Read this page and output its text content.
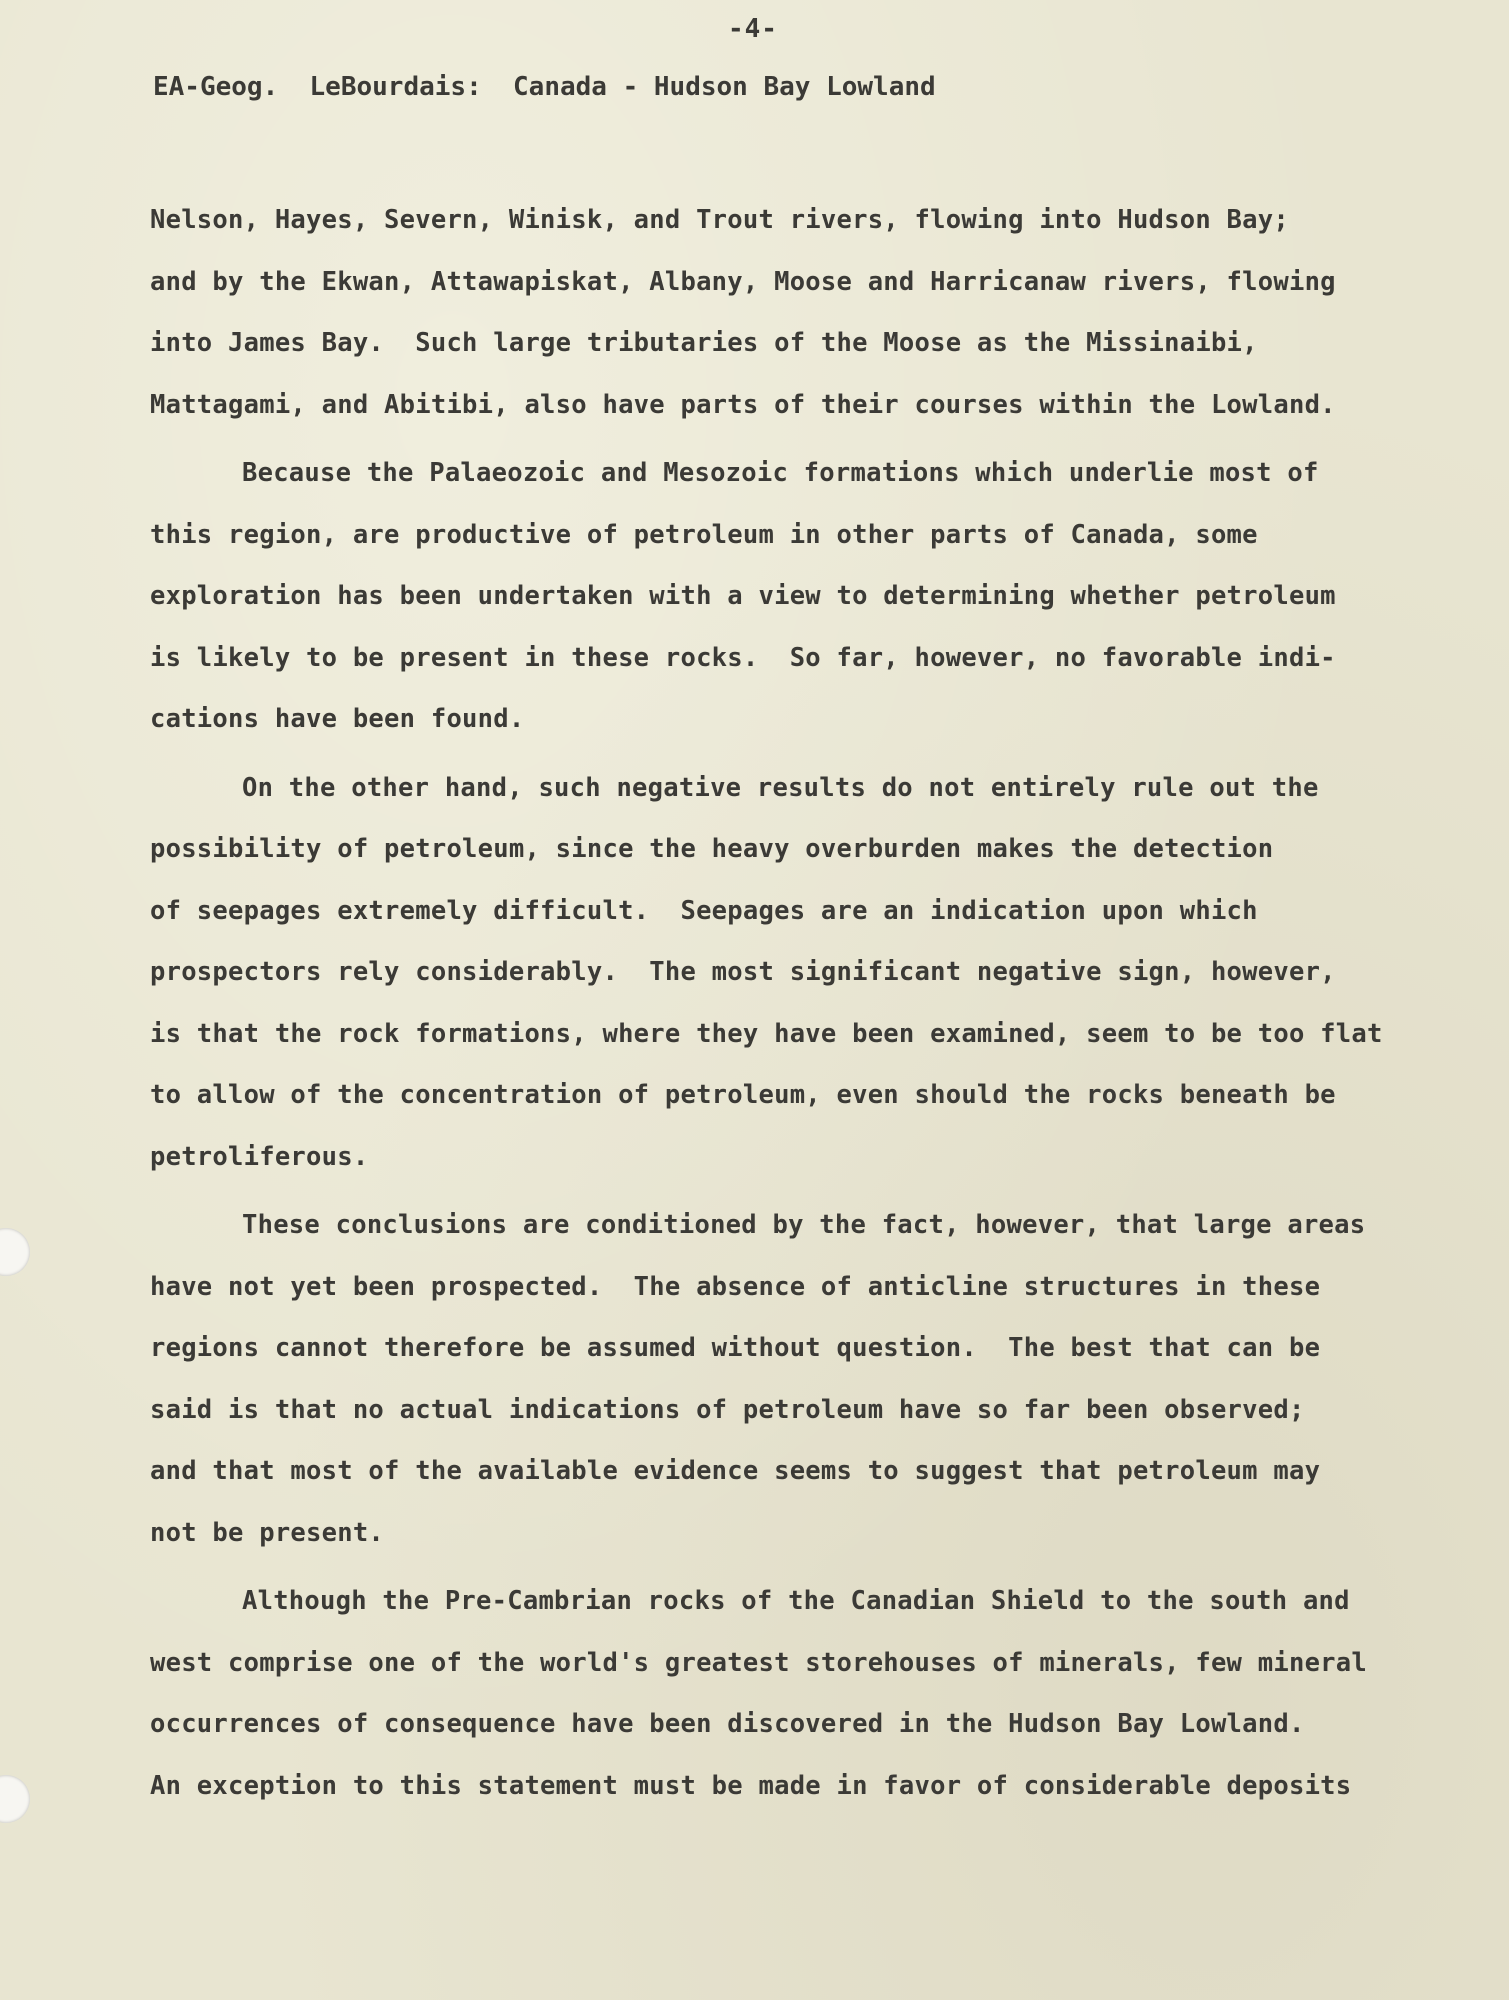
-4-
EA-Geog.  LeBourdais:  Canada - Hudson Bay Lowland
Nelson, Hayes, Severn, Winisk, and Trout rivers, flowing into Hudson Bay;
and by the Ekwan, Attawapiskat, Albany, Moose and Harricanaw rivers, flowing
into James Bay.  Such large tributaries of the Moose as the Missinaibi,
Mattagami, and Abitibi, also have parts of their courses within the Lowland.
Because the Palaeozoic and Mesozoic formations which underlie most of
this region, are productive of petroleum in other parts of Canada, some
exploration has been undertaken with a view to determining whether petroleum
is likely to be present in these rocks.  So far, however, no favorable indi-
cations have been found.
On the other hand, such negative results do not entirely rule out the
possibility of petroleum, since the heavy overburden makes the detection
of seepages extremely difficult.  Seepages are an indication upon which
prospectors rely considerably.  The most significant negative sign, however,
is that the rock formations, where they have been examined, seem to be too flat
to allow of the concentration of petroleum, even should the rocks beneath be
petroliferous.
These conclusions are conditioned by the fact, however, that large areas
have not yet been prospected.  The absence of anticline structures in these
regions cannot therefore be assumed without question.  The best that can be
said is that no actual indications of petroleum have so far been observed;
and that most of the available evidence seems to suggest that petroleum may
not be present.
Although the Pre-Cambrian rocks of the Canadian Shield to the south and
west comprise one of the world's greatest storehouses of minerals, few mineral
occurrences of consequence have been discovered in the Hudson Bay Lowland.
An exception to this statement must be made in favor of considerable deposits
